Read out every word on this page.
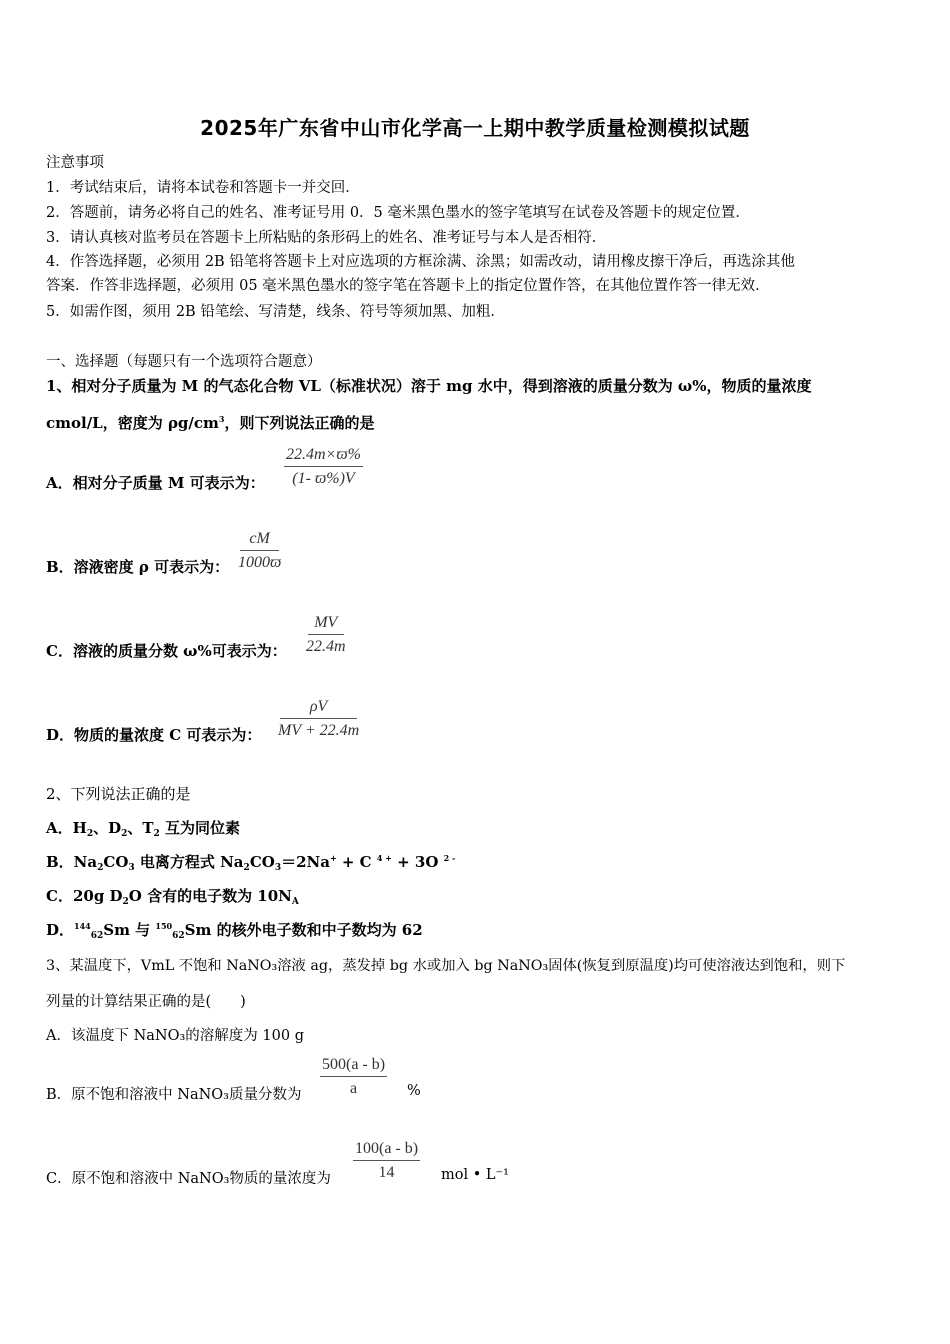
2025年广东省中山市化学高一上期中教学质量检测模拟试题
注意事项
1．考试结束后，请将本试卷和答题卡一并交回．
2．答题前，请务必将自己的姓名、准考证号用 0．5 毫米黑色墨水的签字笔填写在试卷及答题卡的规定位置．
3．请认真核对监考员在答题卡上所粘贴的条形码上的姓名、准考证号与本人是否相符．
4．作答选择题，必须用 2B 铅笔将答题卡上对应选项的方框涂满、涂黑；如需改动，请用橡皮擦干净后，再选涂其他
答案．作答非选择题，必须用 05 毫米黑色墨水的签字笔在答题卡上的指定位置作答，在其他位置作答一律无效．
5．如需作图，须用 2B 铅笔绘、写清楚，线条、符号等须加黑、加粗．
一、选择题（每题只有一个选项符合题意）
1、相对分子质量为 M 的气态化合物 VL（标准状况）溶于 mg 水中，得到溶液的质量分数为 ω%，物质的量浓度
cmol/L，密度为 $\rho g/cm^3$，则下列说法正确的是
A．相对分子质量 M 可表示为：
22.4m×ϖ%
(1- ϖ%)V
B．溶液密度 ρ 可表示为：
cM
1000ϖ
C．溶液的质量分数 ω%可表示为：
MV
22.4m
D．物质的量浓度 C 可表示为：
ρV
MV + 22.4m
2、下列说法正确的是
A．$H_2$、$D_2$、$T_2$ 互为同位素
B．$Na_2CO_3$ 电离方程式 $Na_2CO_3=2Na^+ + C$ $^{4 +}$ + 3O $^{2 -}$
C．20g $D_2O$ 含有的电子数为 $10N_A$
D．$^{144}_{62}$Sm 与 $^{150}_{62}$Sm 的核外电子数和中子数均为 62
3、某温度下，VmL 不饱和 NaNO₃溶液 ag，蒸发掉 bg 水或加入 bg NaNO₃固体(恢复到原温度)均可使溶液达到饱和，则下
列量的计算结果正确的是(　　)
A．该温度下 NaNO₃的溶解度为 100 g
B．原不饱和溶液中 NaNO₃质量分数为
500(a - b)
a	%
C．原不饱和溶液中 NaNO₃物质的量浓度为
100(a - b)
14	mol • L⁻¹
